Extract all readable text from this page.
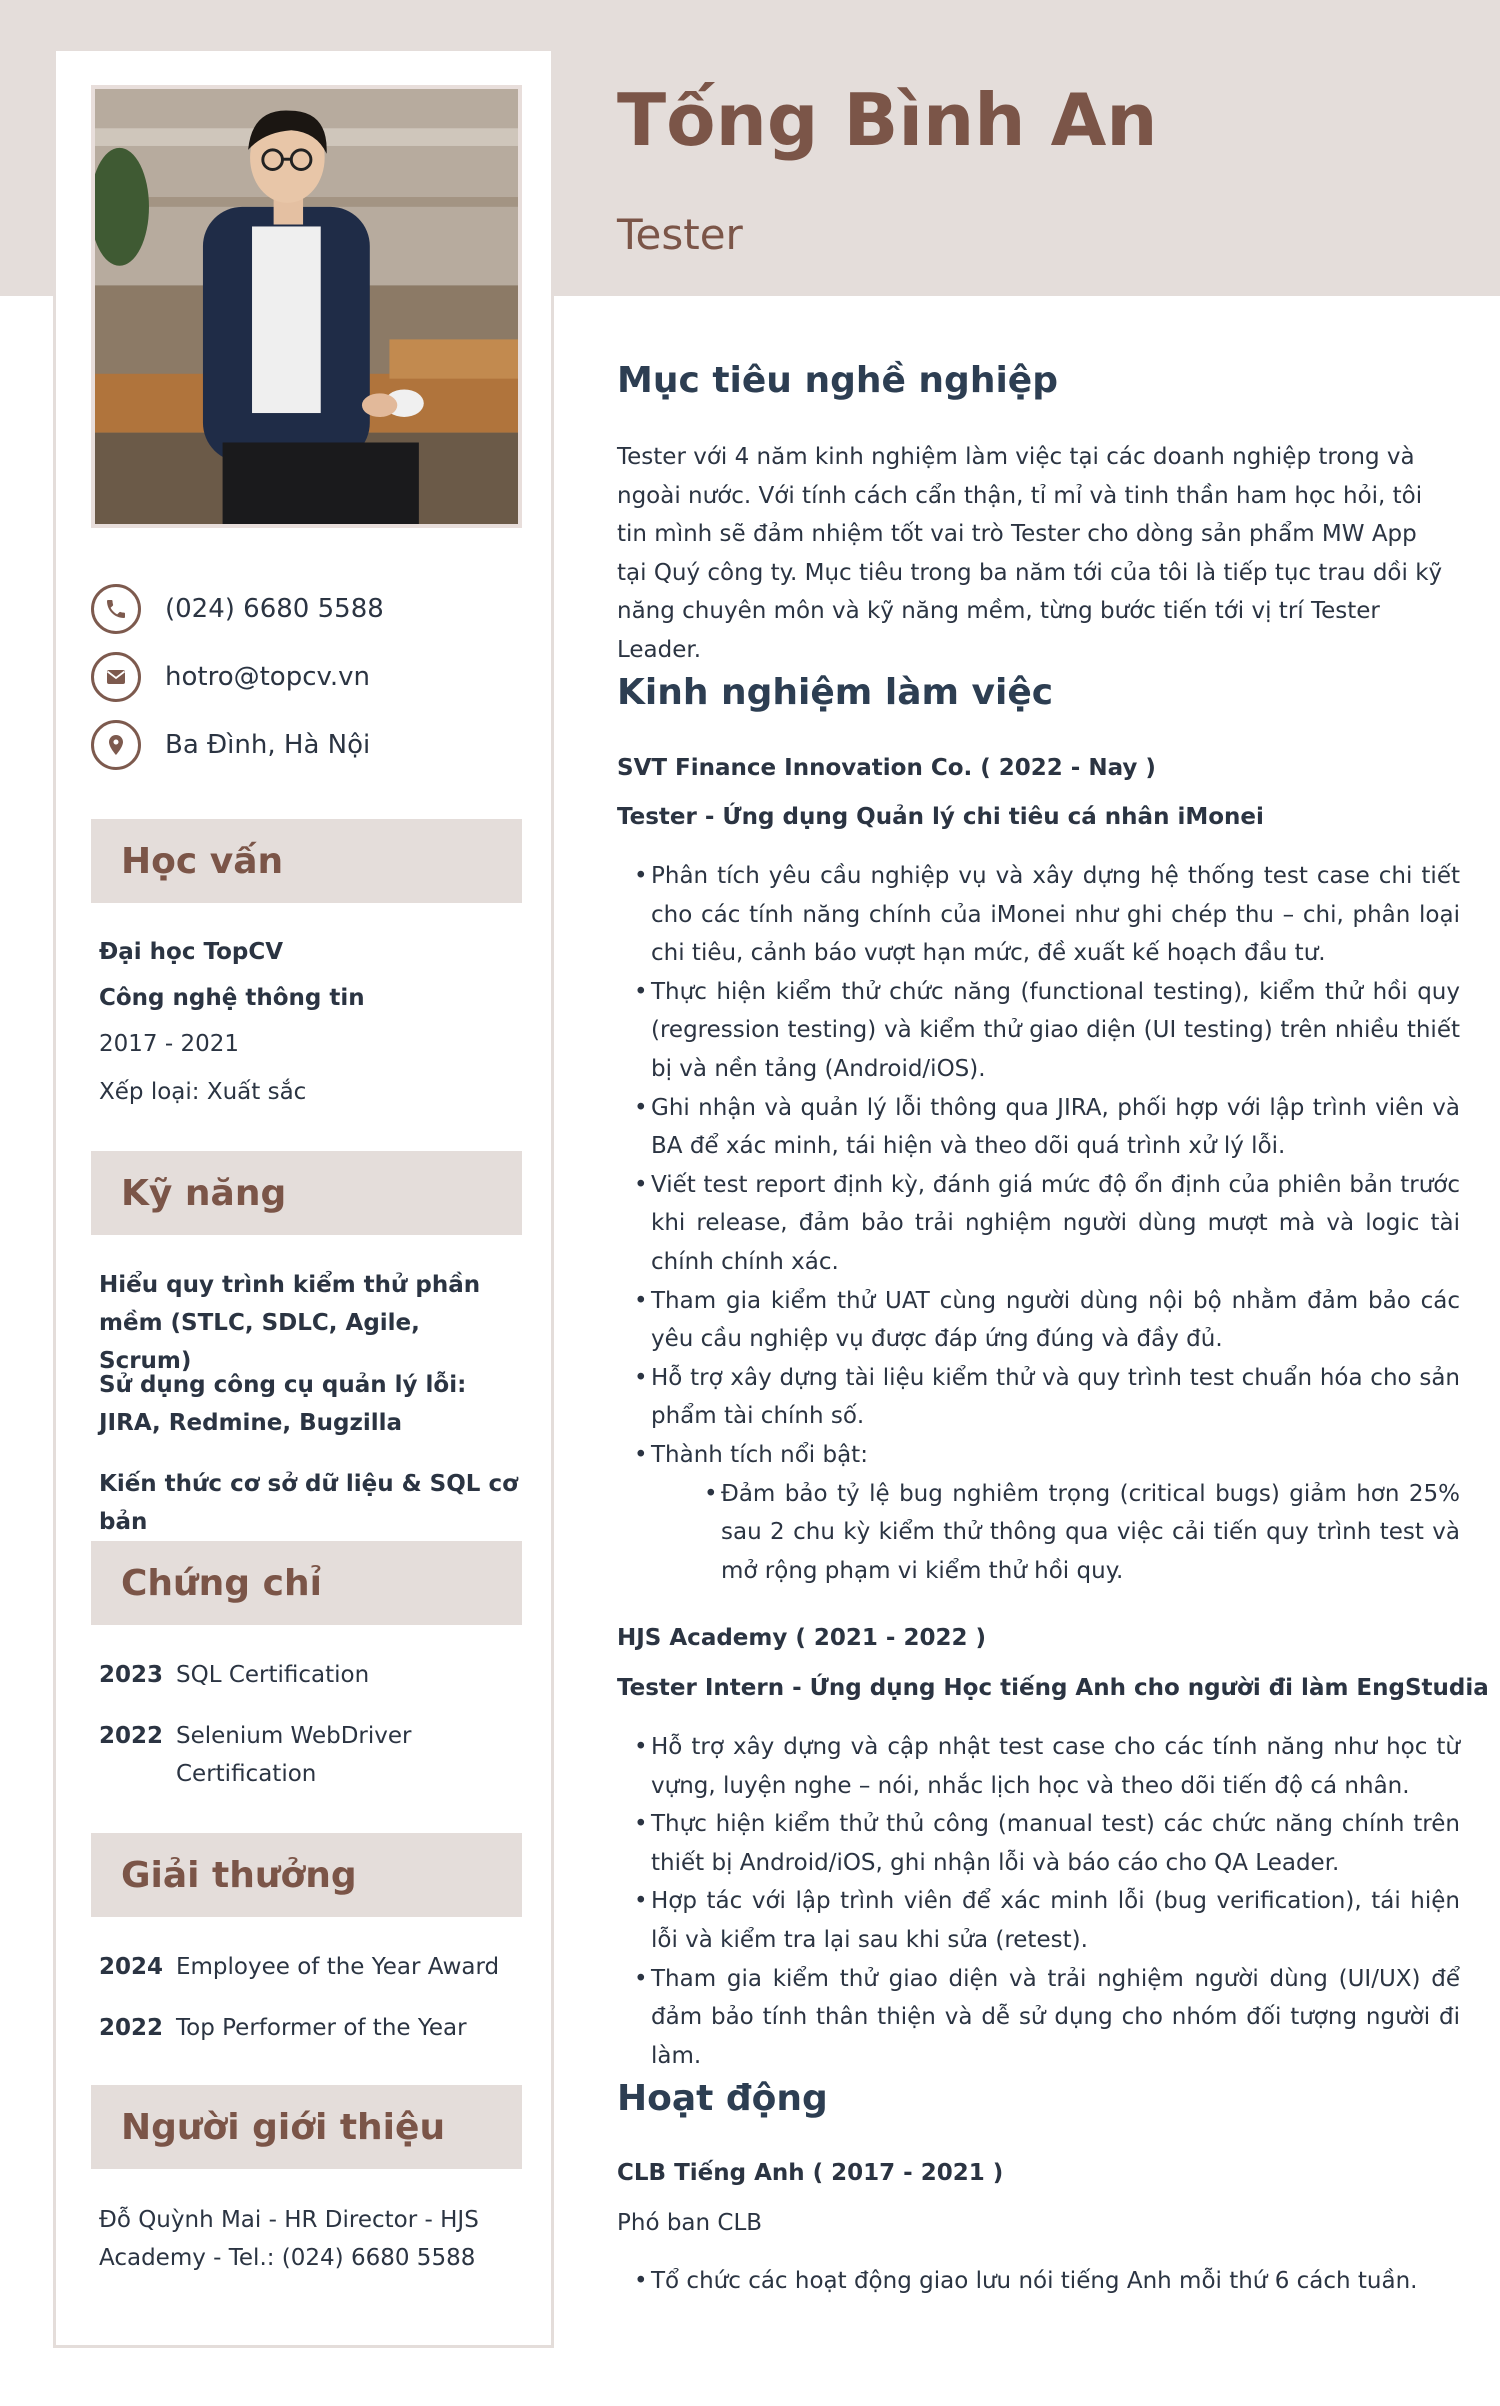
(024) 6680 5588
hotro@topcv.vn
Ba Đình, Hà Nội
Học vấn
Đại học TopCV
Công nghệ thông tin
2017 - 2021
Xếp loại: Xuất sắc
Kỹ năng
Hiểu quy trình kiểm thử phần mềm (STLC, SDLC, Agile, Scrum)
Sử dụng công cụ quản lý lỗi: JIRA, Redmine, Bugzilla
Kiến thức cơ sở dữ liệu & SQL cơ bản
Chứng chỉ
2023 SQL Certification
2022 Selenium WebDriver Certification
Giải thưởng
2024 Employee of the Year Award
2022 Top Performer of the Year
Người giới thiệu
Đỗ Quỳnh Mai - HR Director - HJS Academy - Tel.: (024) 6680 5588
Tống Bình An
Tester
Mục tiêu nghề nghiệp
Tester với 4 năm kinh nghiệm làm việc tại các doanh nghiệp trong và ngoài nước. Với tính cách cẩn thận, tỉ mỉ và tinh thần ham học hỏi, tôi tin mình sẽ đảm nhiệm tốt vai trò Tester cho dòng sản phẩm MW App tại Quý công ty. Mục tiêu trong ba năm tới của tôi là tiếp tục trau dồi kỹ năng chuyên môn và kỹ năng mềm, từng bước tiến tới vị trí Tester Leader.
Kinh nghiệm làm việc
SVT Finance Innovation Co. ( 2022 - Nay )
Tester - Ứng dụng Quản lý chi tiêu cá nhân iMonei
• Phân tích yêu cầu nghiệp vụ và xây dựng hệ thống test case chi tiết cho các tính năng chính của iMonei như ghi chép thu – chi, phân loại chi tiêu, cảnh báo vượt hạn mức, đề xuất kế hoạch đầu tư.
• Thực hiện kiểm thử chức năng (functional testing), kiểm thử hồi quy (regression testing) và kiểm thử giao diện (UI testing) trên nhiều thiết bị và nền tảng (Android/iOS).
• Ghi nhận và quản lý lỗi thông qua JIRA, phối hợp với lập trình viên và BA để xác minh, tái hiện và theo dõi quá trình xử lý lỗi.
• Viết test report định kỳ, đánh giá mức độ ổn định của phiên bản trước khi release, đảm bảo trải nghiệm người dùng mượt mà và logic tài chính chính xác.
• Tham gia kiểm thử UAT cùng người dùng nội bộ nhằm đảm bảo các yêu cầu nghiệp vụ được đáp ứng đúng và đầy đủ.
• Hỗ trợ xây dựng tài liệu kiểm thử và quy trình test chuẩn hóa cho sản phẩm tài chính số.
• Thành tích nổi bật:
• Đảm bảo tỷ lệ bug nghiêm trọng (critical bugs) giảm hơn 25% sau 2 chu kỳ kiểm thử thông qua việc cải tiến quy trình test và mở rộng phạm vi kiểm thử hồi quy.
HJS Academy ( 2021 - 2022 )
Tester Intern - Ứng dụng Học tiếng Anh cho người đi làm EngStudia
• Hỗ trợ xây dựng và cập nhật test case cho các tính năng như học từ vựng, luyện nghe – nói, nhắc lịch học và theo dõi tiến độ cá nhân.
• Thực hiện kiểm thử thủ công (manual test) các chức năng chính trên thiết bị Android/iOS, ghi nhận lỗi và báo cáo cho QA Leader.
• Hợp tác với lập trình viên để xác minh lỗi (bug verification), tái hiện lỗi và kiểm tra lại sau khi sửa (retest).
• Tham gia kiểm thử giao diện và trải nghiệm người dùng (UI/UX) để đảm bảo tính thân thiện và dễ sử dụng cho nhóm đối tượng người đi làm.
Hoạt động
CLB Tiếng Anh ( 2017 - 2021 )
Phó ban CLB
• Tổ chức các hoạt động giao lưu nói tiếng Anh mỗi thứ 6 cách tuần.
